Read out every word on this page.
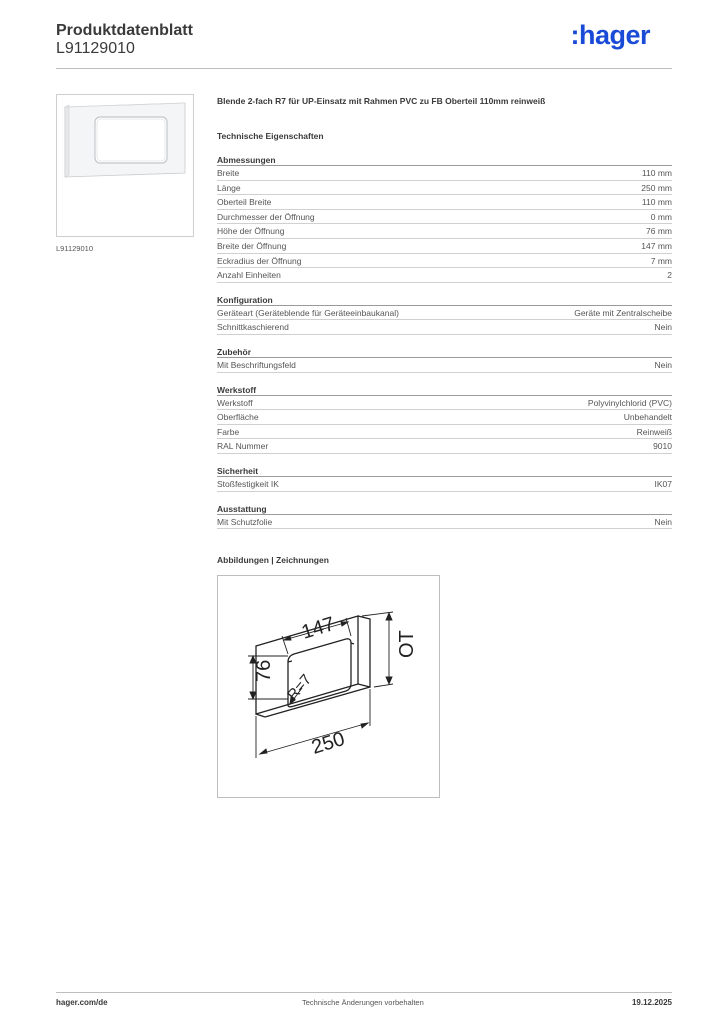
Produktdatenblatt
L91129010	:hager
L91129010
Blende 2-fach R7 für UP-Einsatz mit Rahmen PVC zu FB Oberteil 110mm reinweiß
Technische Eigenschaften
Abmessungen
Breite	110 mm
Länge	250 mm
Oberteil Breite	110 mm
Durchmesser der Öffnung	0 mm
Höhe der Öffnung	76 mm
Breite der Öffnung	147 mm
Eckradius der Öffnung	7 mm
Anzahl Einheiten	2
Konfiguration
Geräteart (Geräteblende für Geräteeinbaukanal)	Geräte mit Zentralscheibe
Schnittkaschierend	Nein
Zubehör
Mit Beschriftungsfeld	Nein
Werkstoff
Werkstoff	Polyvinylchlorid (PVC)
Oberfläche	Unbehandelt
Farbe	Reinweiß
RAL Nummer	9010
Sicherheit
Stoßfestigkeit IK	IK07
Ausstattung
Mit Schutzfolie	Nein
Abbildungen | Zeichnungen
147
76
R=7
250
OT
hager.com/de	Technische Änderungen vorbehalten	19.12.2025
